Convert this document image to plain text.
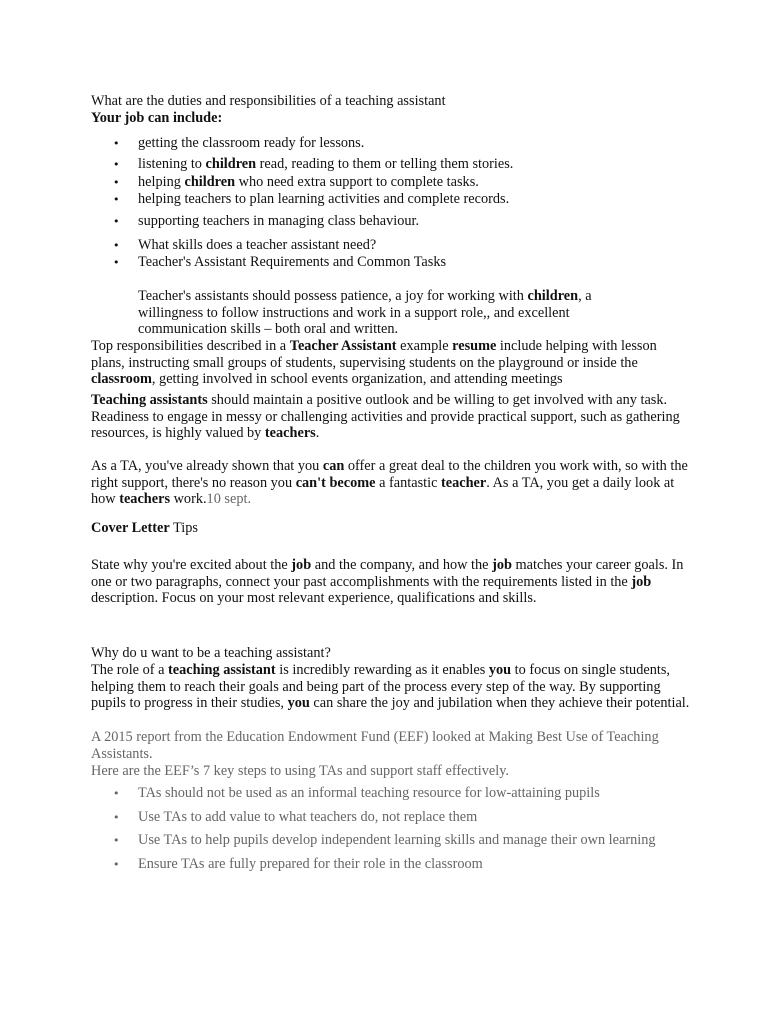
What are the duties and responsibilities of a teaching assistant
Your job can include:

• getting the classroom ready for lessons.
• listening to children read, reading to them or telling them stories.
• helping children who need extra support to complete tasks.
• helping teachers to plan learning activities and complete records.
• supporting teachers in managing class behaviour.
• What skills does a teacher assistant need?
• Teacher's Assistant Requirements and Common Tasks

Teacher's assistants should possess patience, a joy for working with children, a willingness to follow instructions and work in a support role,, and excellent communication skills – both oral and written.

Top responsibilities described in a Teacher Assistant example resume include helping with lesson plans, instructing small groups of students, supervising students on the playground or inside the classroom, getting involved in school events organization, and attending meetings

Teaching assistants should maintain a positive outlook and be willing to get involved with any task. Readiness to engage in messy or challenging activities and provide practical support, such as gathering resources, is highly valued by teachers.

As a TA, you've already shown that you can offer a great deal to the children you work with, so with the right support, there's no reason you can't become a fantastic teacher. As a TA, you get a daily look at how teachers work.10 sept.

Cover Letter Tips

State why you're excited about the job and the company, and how the job matches your career goals. In one or two paragraphs, connect your past accomplishments with the requirements listed in the job description. Focus on your most relevant experience, qualifications and skills.

Why do u want to be a teaching assistant?

The role of a teaching assistant is incredibly rewarding as it enables you to focus on single students, helping them to reach their goals and being part of the process every step of the way. By supporting pupils to progress in their studies, you can share the joy and jubilation when they achieve their potential.

A 2015 report from the Education Endowment Fund (EEF) looked at Making Best Use of Teaching Assistants.

Here are the EEF’s 7 key steps to using TAs and support staff effectively.

• TAs should not be used as an informal teaching resource for low-attaining pupils
• Use TAs to add value to what teachers do, not replace them
• Use TAs to help pupils develop independent learning skills and manage their own learning
• Ensure TAs are fully prepared for their role in the classroom
